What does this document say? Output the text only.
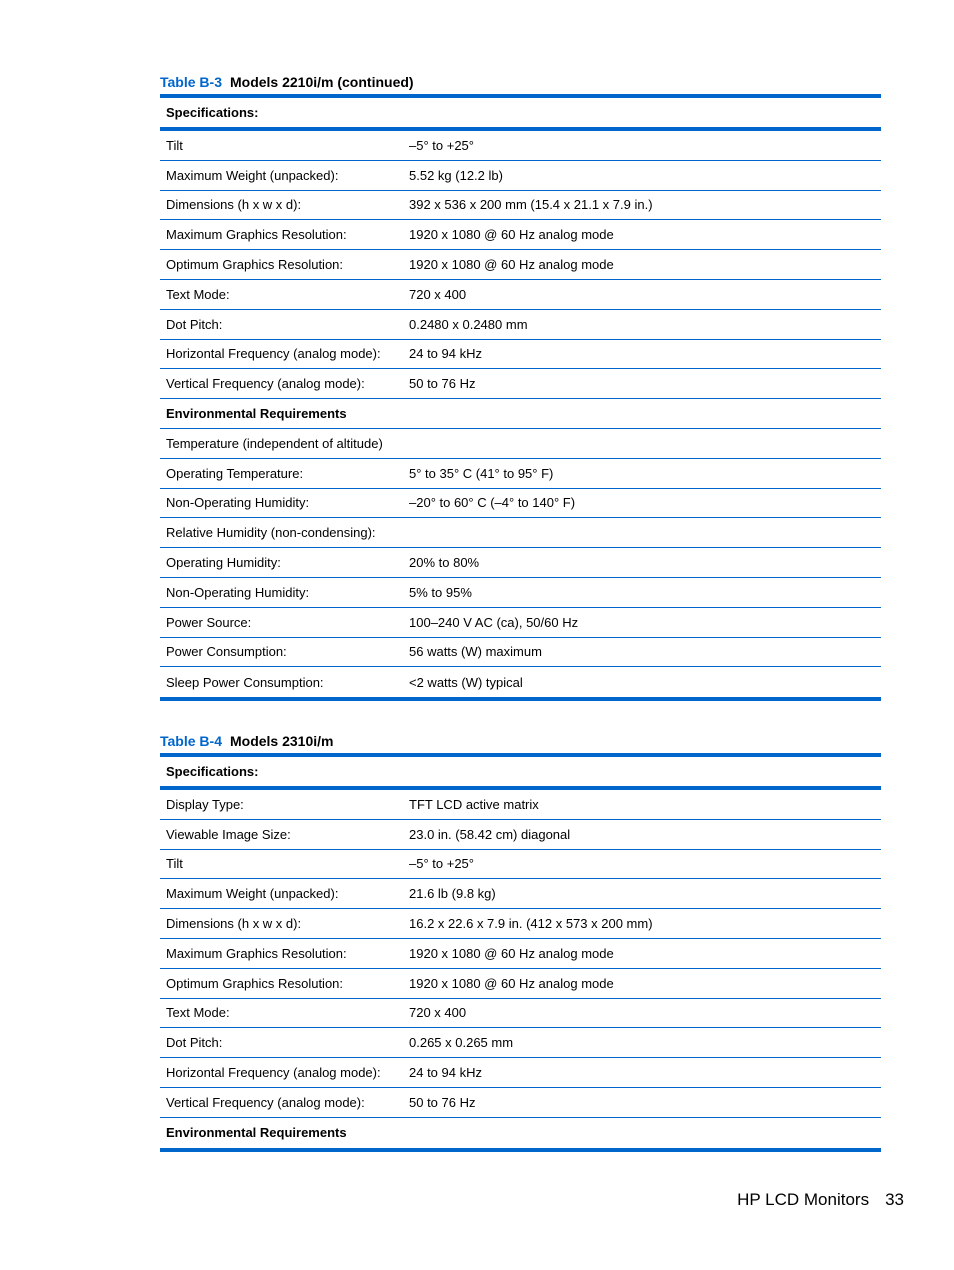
Table B-3 Models 2210i/m (continued)
Specifications:
Tilt	–5° to +25°
Maximum Weight (unpacked):	5.52 kg (12.2 lb)
Dimensions (h x w x d):	392 x 536 x 200 mm (15.4 x 21.1 x 7.9 in.)
Maximum Graphics Resolution:	1920 x 1080 @ 60 Hz analog mode
Optimum Graphics Resolution:	1920 x 1080 @ 60 Hz analog mode
Text Mode:	720 x 400
Dot Pitch:	0.2480 x 0.2480 mm
Horizontal Frequency (analog mode):	24 to 94 kHz
Vertical Frequency (analog mode):	50 to 76 Hz
Environmental Requirements
Temperature (independent of altitude)
Operating Temperature:	5° to 35° C (41° to 95° F)
Non-Operating Humidity:	–20° to 60° C (–4° to 140° F)
Relative Humidity (non-condensing):
Operating Humidity:	20% to 80%
Non-Operating Humidity:	5% to 95%
Power Source:	100–240 V AC (ca), 50/60 Hz
Power Consumption:	56 watts (W) maximum
Sleep Power Consumption:	<2 watts (W) typical
Table B-4 Models 2310i/m
Specifications:
Display Type:	TFT LCD active matrix
Viewable Image Size:	23.0 in. (58.42 cm) diagonal
Tilt	–5° to +25°
Maximum Weight (unpacked):	21.6 lb (9.8 kg)
Dimensions (h x w x d):	16.2 x 22.6 x 7.9 in. (412 x 573 x 200 mm)
Maximum Graphics Resolution:	1920 x 1080 @ 60 Hz analog mode
Optimum Graphics Resolution:	1920 x 1080 @ 60 Hz analog mode
Text Mode:	720 x 400
Dot Pitch:	0.265 x 0.265 mm
Horizontal Frequency (analog mode):	24 to 94 kHz
Vertical Frequency (analog mode):	50 to 76 Hz
Environmental Requirements
HP LCD Monitors 33
